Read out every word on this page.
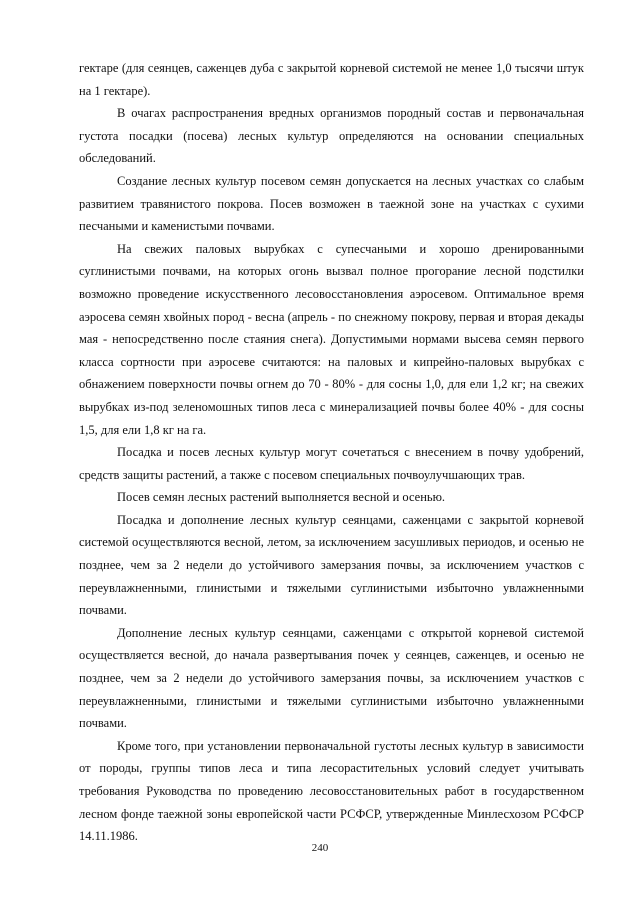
гектаре (для сеянцев, саженцев дуба с закрытой корневой системой не менее 1,0 тысячи штук на 1 гектаре).

В очагах распространения вредных организмов породный состав и первоначальная густота посадки (посева) лесных культур определяются на основании специальных обследований.

Создание лесных культур посевом семян допускается на лесных участках со слабым развитием травянистого покрова. Посев возможен в таежной зоне на участках с сухими песчаными и каменистыми почвами.

На свежих паловых вырубках с супесчаными и хорошо дренированными суглинистыми почвами, на которых огонь вызвал полное прогорание лесной подстилки возможно проведение искусственного лесовосстановления аэросевом. Оптимальное время аэросева семян хвойных пород - весна (апрель - по снежному покрову, первая и вторая декады мая - непосредственно после стаяния снега). Допустимыми нормами высева семян первого класса сортности при аэросеве считаются: на паловых и кипрейно-паловых вырубках с обнажением поверхности почвы огнем до 70 - 80% - для сосны 1,0, для ели 1,2 кг; на свежих вырубках из-под зеленомошных типов леса с минерализацией почвы более 40% - для сосны 1,5, для ели 1,8 кг на га.

Посадка и посев лесных культур могут сочетаться с внесением в почву удобрений, средств защиты растений, а также с посевом специальных почвоулучшающих трав.

Посев семян лесных растений выполняется весной и осенью.

Посадка и дополнение лесных культур сеянцами, саженцами с закрытой корневой системой осуществляются весной, летом, за исключением засушливых периодов, и осенью не позднее, чем за 2 недели до устойчивого замерзания почвы, за исключением участков с переувлажненными, глинистыми и тяжелыми суглинистыми избыточно увлажненными почвами.

Дополнение лесных культур сеянцами, саженцами с открытой корневой системой осуществляется весной, до начала развертывания почек у сеянцев, саженцев, и осенью не позднее, чем за 2 недели до устойчивого замерзания почвы, за исключением участков с переувлажненными, глинистыми и тяжелыми суглинистыми избыточно увлажненными почвами.

Кроме того, при установлении первоначальной густоты лесных культур в зависимости от породы, группы типов леса и типа лесорастительных условий следует учитывать требования Руководства по проведению лесовосстановительных работ в государственном лесном фонде таежной зоны европейской части РСФСР, утвержденные Минлесхозом РСФСР 14.11.1986.

240
